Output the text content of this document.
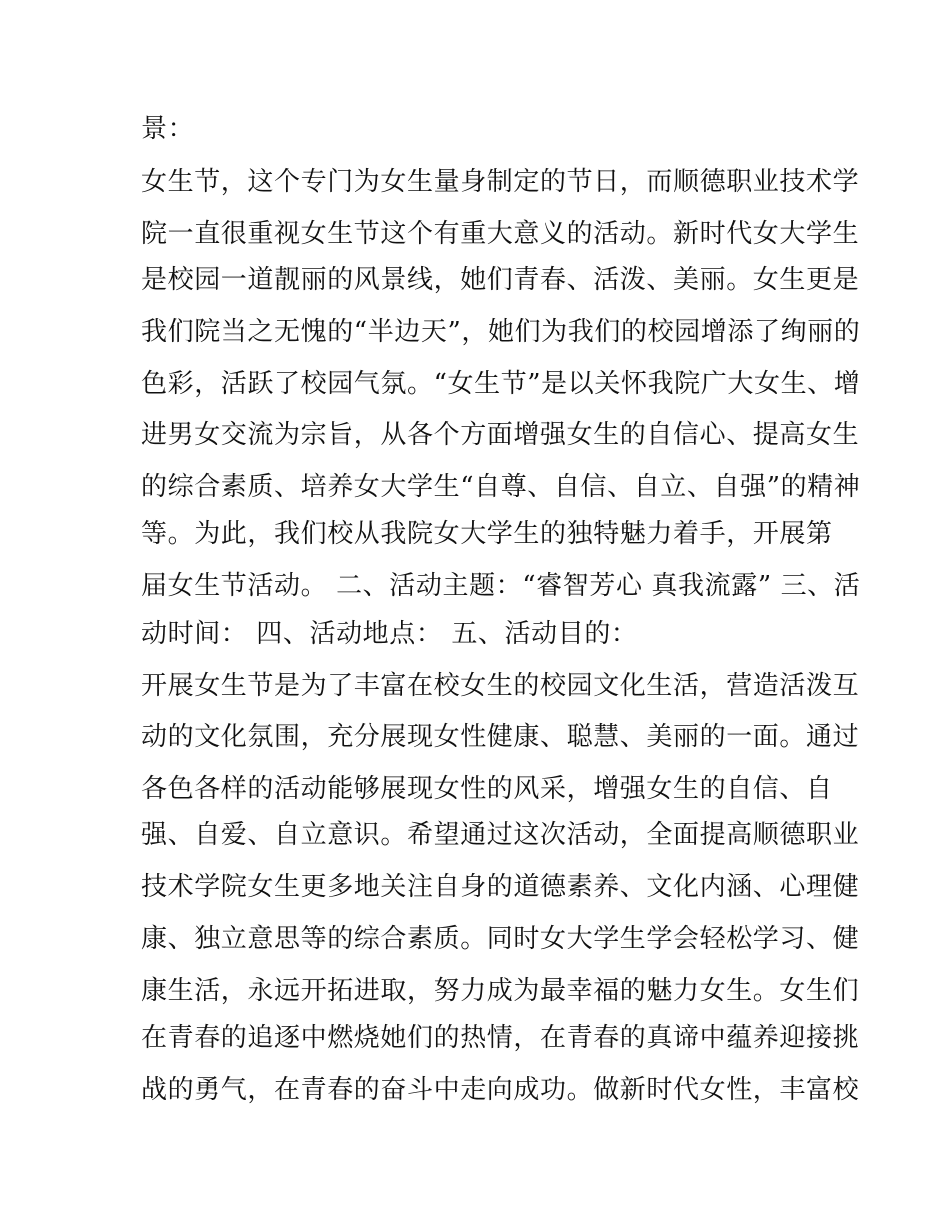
景：
女生节，这个专门为女生量身制定的节日，而顺德职业技术学
院一直很重视女生节这个有重大意义的活动。新时代女大学生
是校园一道靓丽的风景线，她们青春、活泼、美丽。女生更是
我们院当之无愧的“半边天”，她们为我们的校园增添了绚丽的
色彩，活跃了校园气氛。“女生节”是以关怀我院广大女生、增
进男女交流为宗旨，从各个方面增强女生的自信心、提高女生
的综合素质、培养女大学生“自尊、自信、自立、自强”的精神
等。为此，我们校从我院女大学生的独特魅力着手，开展第
届女生节活动。 二、活动主题：“睿智芳心 真我流露” 三、活
动时间： 四、活动地点： 五、活动目的：
开展女生节是为了丰富在校女生的校园文化生活，营造活泼互
动的文化氛围，充分展现女性健康、聪慧、美丽的一面。通过
各色各样的活动能够展现女性的风采，增强女生的自信、自
强、自爱、自立意识。希望通过这次活动，全面提高顺德职业
技术学院女生更多地关注自身的道德素养、文化内涵、心理健
康、独立意思等的综合素质。同时女大学生学会轻松学习、健
康生活，永远开拓进取，努力成为最幸福的魅力女生。女生们
在青春的追逐中燃烧她们的热情，在青春的真谛中蕴养迎接挑
战的勇气，在青春的奋斗中走向成功。做新时代女性，丰富校
